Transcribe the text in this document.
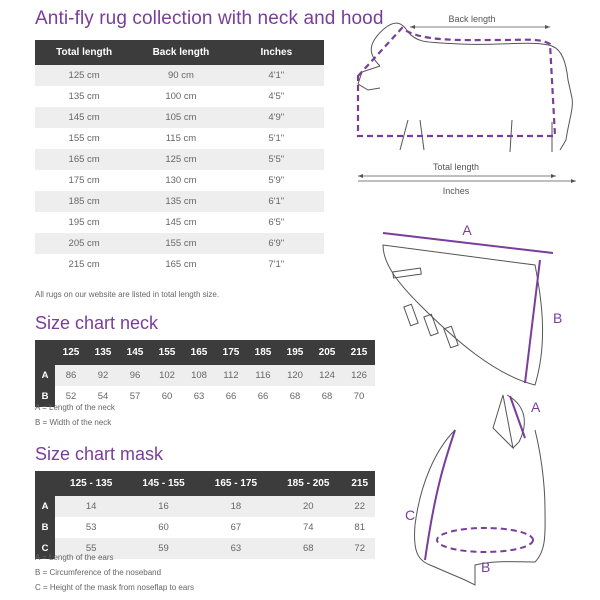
Anti-fly rug collection with neck and hood
Total length	Back length	Inches
125 cm	90 cm	4'1"
135 cm	100 cm	4'5"
145 cm	105 cm	4'9"
155 cm	115 cm	5'1"
165 cm	125 cm	5'5"
175 cm	130 cm	5'9"
185 cm	135 cm	6'1"
195 cm	145 cm	6'5"
205 cm	155 cm	6'9"
215 cm	165 cm	7'1"
All rugs on our website are listed in total length size.
Size chart neck
	125	135	145	155	165	175	185	195	205	215
A	86	92	96	102	108	112	116	120	124	126
B	52	54	57	60	63	66	66	68	68	70
A = Length of the neck
B = Width of the neck
Size chart mask
	125 - 135	145 - 155	165 - 175	185 - 205	215
A	14	16	18	20	22
B	53	60	67	74	81
C	55	59	63	68	72
A = Length of the ears
B = Circumference of the noseband
C = Height of the mask from noseflap to ears
Back length
Total length
Inches
A
B
A
C
B
